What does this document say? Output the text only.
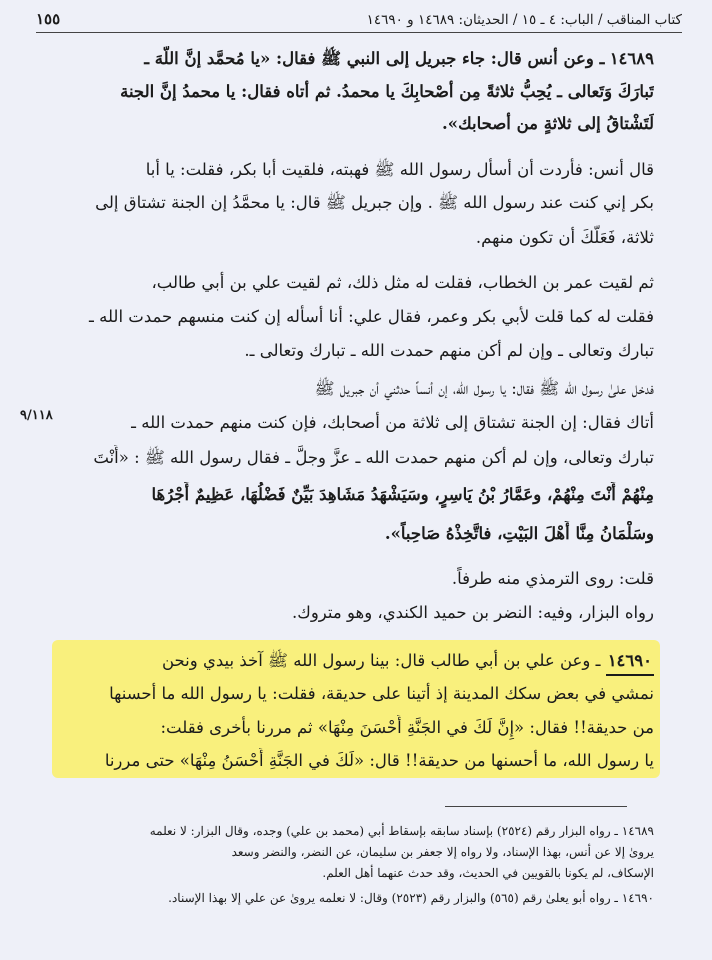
كتاب المناقب / الباب: ٤ ـ ١٥ / الحديثان: ١٤٦٨٩ و ١٤٦٩٠
١٥٥
١٤٦٨٩ ـ وعن أنس قال: جاء جبريل إلى النبي ﷺ فقال: «يا مُحمَّد إنَّ اللَّهَ ـ
تَبارَكَ وَتَعالى ـ يُحِبُّ ثلاثةً مِن أصْحابِكَ يا محمدُ. ثم أتاه فقال: يا محمدُ إنَّ الجنة
لَتَشْتاقُ إلى ثلاثةٍ من أصحابك».
قال أنس: فأردت أن أسأل رسول الله ﷺ فهبته، فلقيت أبا بكر، فقلت: يا أبا
بكر إني كنت عند رسول الله ﷺ . وإن جبريل ﷺ قال: يا محمَّدُ إن الجنة تشتاق إلى
ثلاثة، فَعَلَّكَ أن تكون منهم.
ثم لقيت عمر بن الخطاب، فقلت له مثل ذلك، ثم لقيت علي بن أبي طالب،
فقلت له كما قلت لأبي بكر وعمر، فقال علي: أنا أسأله إن كنت منسهم حمدت الله ـ
تبارك وتعالى ـ وإن لم أكن منهم حمدت الله ـ تبارك وتعالى ـ.
فدخل علىٰ رسول الله ﷺ فقال: يا رسول الله، إن أنساً حدثني أن جبريل ﷺ
أتاك فقال: إن الجنة تشتاق إلى ثلاثة من أصحابك، فإن كنت منهم حمدت الله ـ
تبارك وتعالى، وإن لم أكن منهم حمدت الله ـ عزَّ وجلَّ ـ فقال رسول الله ﷺ : «أَنْتَ
مِنْهُمْ أَنْتَ مِنْهُمْ، وعَمَّارُ بْنُ يَاسِرٍ، وسَيَشْهَدُ مَشَاهِدَ بَيِّنٌ فَضْلُهَا، عَظِيمٌ أَجْرُهَا
وسَلْمَانُ مِنَّا أَهْلَ البَيْتِ، فاتَّخِذْهُ صَاحِباً».
٩/١١٨
قلت: روى الترمذي منه طرفاً.
رواه البزار، وفيه: النضر بن حميد الكندي، وهو متروك.
١٤٦٩٠ ـ وعن علي بن أبي طالب قال: بينا رسول الله ﷺ آخذ بيدي ونحن
نمشي في بعض سكك المدينة إذ أتينا على حديقة، فقلت: يا رسول الله ما أحسنها
من حديقة!! فقال: «إِنَّ لَكَ في الجَنَّةِ أَحْسَنَ مِنْهَا» ثم مررنا بأخرى فقلت:
يا رسول الله، ما أحسنها من حديقة!! قال: «لَكَ في الجَنَّةِ أَحْسَنُ مِنْهَا» حتى مررنا
١٤٦٨٩ ـ رواه البزار رقم (٢٥٢٤) بإسناد سابقه بإسقاط أبي (محمد بن علي) وجده، وقال البزار: لا نعلمه
يروىٰ إلا عن أنس، بهذا الإسناد، ولا رواه إلا جعفر بن سليمان، عن النضر، والنضر وسعد
الإسكاف، لم يكونا بالقويين في الحديث، وقد حدث عنهما أهل العلم.
١٤٦٩٠ ـ رواه أبو يعلىٰ رقم (٥٦٥) والبزار رقم (٢٥٢٣) وقال: لا نعلمه يروىٰ عن علي إلا بهذا الإسناد.
